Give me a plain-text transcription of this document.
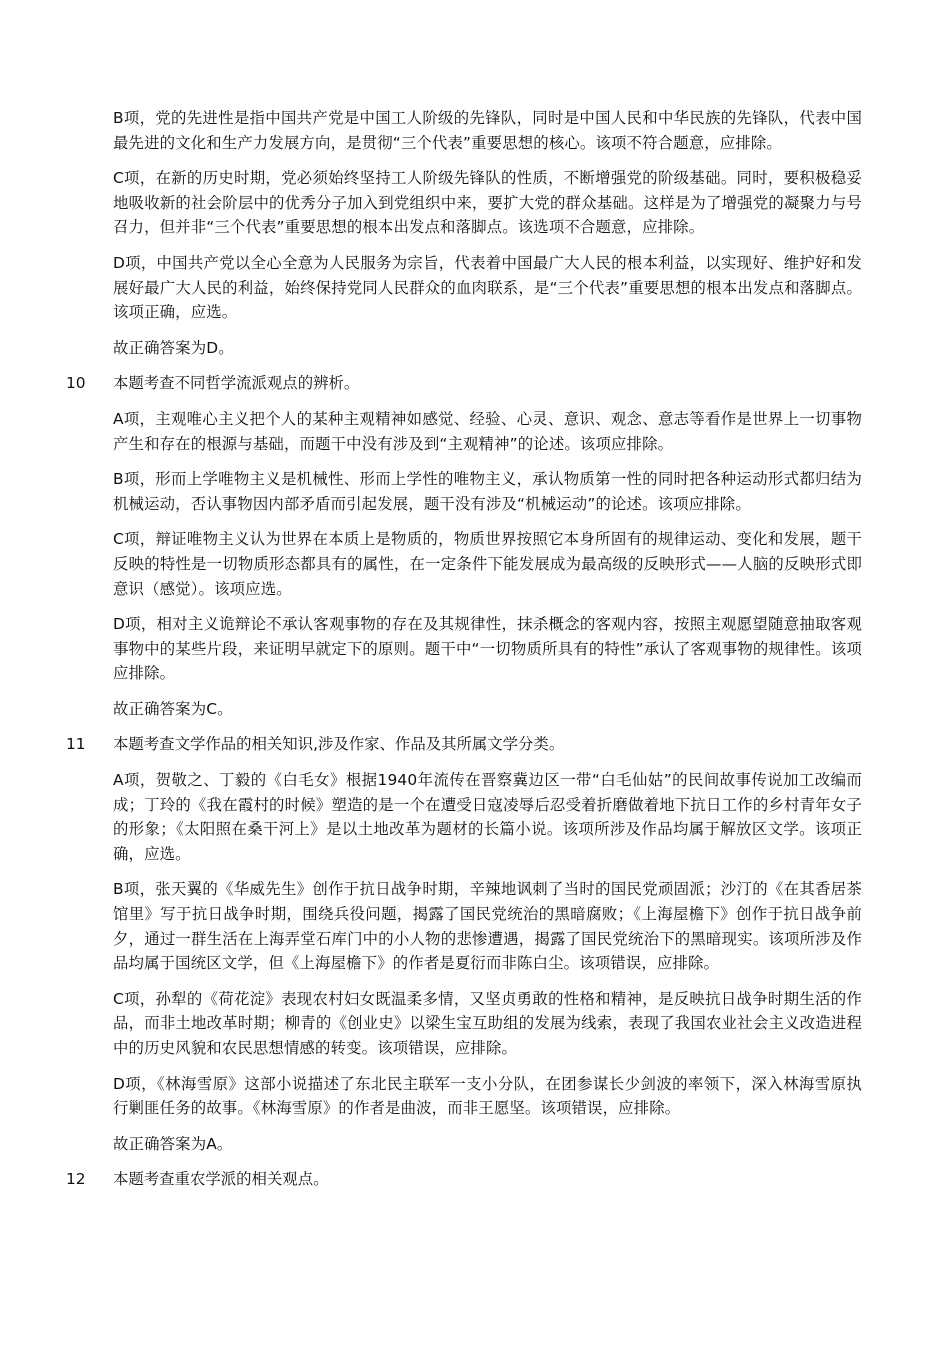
B项，党的先进性是指中国共产党是中国工人阶级的先锋队，同时是中国人民和中华民族的先锋队，代表中国最先进的文化和生产力发展方向，是贯彻“三个代表”重要思想的核心。该项不符合题意，应排除。

C项，在新的历史时期，党必须始终坚持工人阶级先锋队的性质，不断增强党的阶级基础。同时，要积极稳妥地吸收新的社会阶层中的优秀分子加入到党组织中来，要扩大党的群众基础。这样是为了增强党的凝聚力与号召力，但并非“三个代表”重要思想的根本出发点和落脚点。该选项不合题意，应排除。

D项，中国共产党以全心全意为人民服务为宗旨，代表着中国最广大人民的根本利益，以实现好、维护好和发展好最广大人民的利益，始终保持党同人民群众的血肉联系，是“三个代表”重要思想的根本出发点和落脚点。该项正确，应选。

故正确答案为D。

10	本题考查不同哲学流派观点的辨析。

A项，主观唯心主义把个人的某种主观精神如感觉、经验、心灵、意识、观念、意志等看作是世界上一切事物产生和存在的根源与基础，而题干中没有涉及到“主观精神”的论述。该项应排除。

B项，形而上学唯物主义是机械性、形而上学性的唯物主义，承认物质第一性的同时把各种运动形式都归结为机械运动，否认事物因内部矛盾而引起发展，题干没有涉及“机械运动”的论述。该项应排除。

C项，辩证唯物主义认为世界在本质上是物质的，物质世界按照它本身所固有的规律运动、变化和发展，题干反映的特性是一切物质形态都具有的属性，在一定条件下能发展成为最高级的反映形式——人脑的反映形式即意识（感觉）。该项应选。

D项，相对主义诡辩论不承认客观事物的存在及其规律性，抹杀概念的客观内容，按照主观愿望随意抽取客观事物中的某些片段，来证明早就定下的原则。题干中“一切物质所具有的特性”承认了客观事物的规律性。该项应排除。

故正确答案为C。

11	本题考查文学作品的相关知识,涉及作家、作品及其所属文学分类。

A项，贺敬之、丁毅的《白毛女》根据1940年流传在晋察冀边区一带“白毛仙姑”的民间故事传说加工改编而成；丁玲的《我在霞村的时候》塑造的是一个在遭受日寇凌辱后忍受着折磨做着地下抗日工作的乡村青年女子的形象；《太阳照在桑干河上》是以土地改革为题材的长篇小说。该项所涉及作品均属于解放区文学。该项正确，应选。

B项，张天翼的《华威先生》创作于抗日战争时期，辛辣地讽刺了当时的国民党顽固派；沙汀的《在其香居茶馆里》写于抗日战争时期，围绕兵役问题，揭露了国民党统治的黑暗腐败；《上海屋檐下》创作于抗日战争前夕，通过一群生活在上海弄堂石库门中的小人物的悲惨遭遇，揭露了国民党统治下的黑暗现实。该项所涉及作品均属于国统区文学，但《上海屋檐下》的作者是夏衍而非陈白尘。该项错误，应排除。

C项，孙犁的《荷花淀》表现农村妇女既温柔多情，又坚贞勇敢的性格和精神，是反映抗日战争时期生活的作品，而非土地改革时期；柳青的《创业史》以梁生宝互助组的发展为线索，表现了我国农业社会主义改造进程中的历史风貌和农民思想情感的转变。该项错误，应排除。

D项，《林海雪原》这部小说描述了东北民主联军一支小分队，在团参谋长少剑波的率领下，深入林海雪原执行剿匪任务的故事。《林海雪原》的作者是曲波，而非王愿坚。该项错误，应排除。

故正确答案为A。

12	本题考查重农学派的相关观点。
